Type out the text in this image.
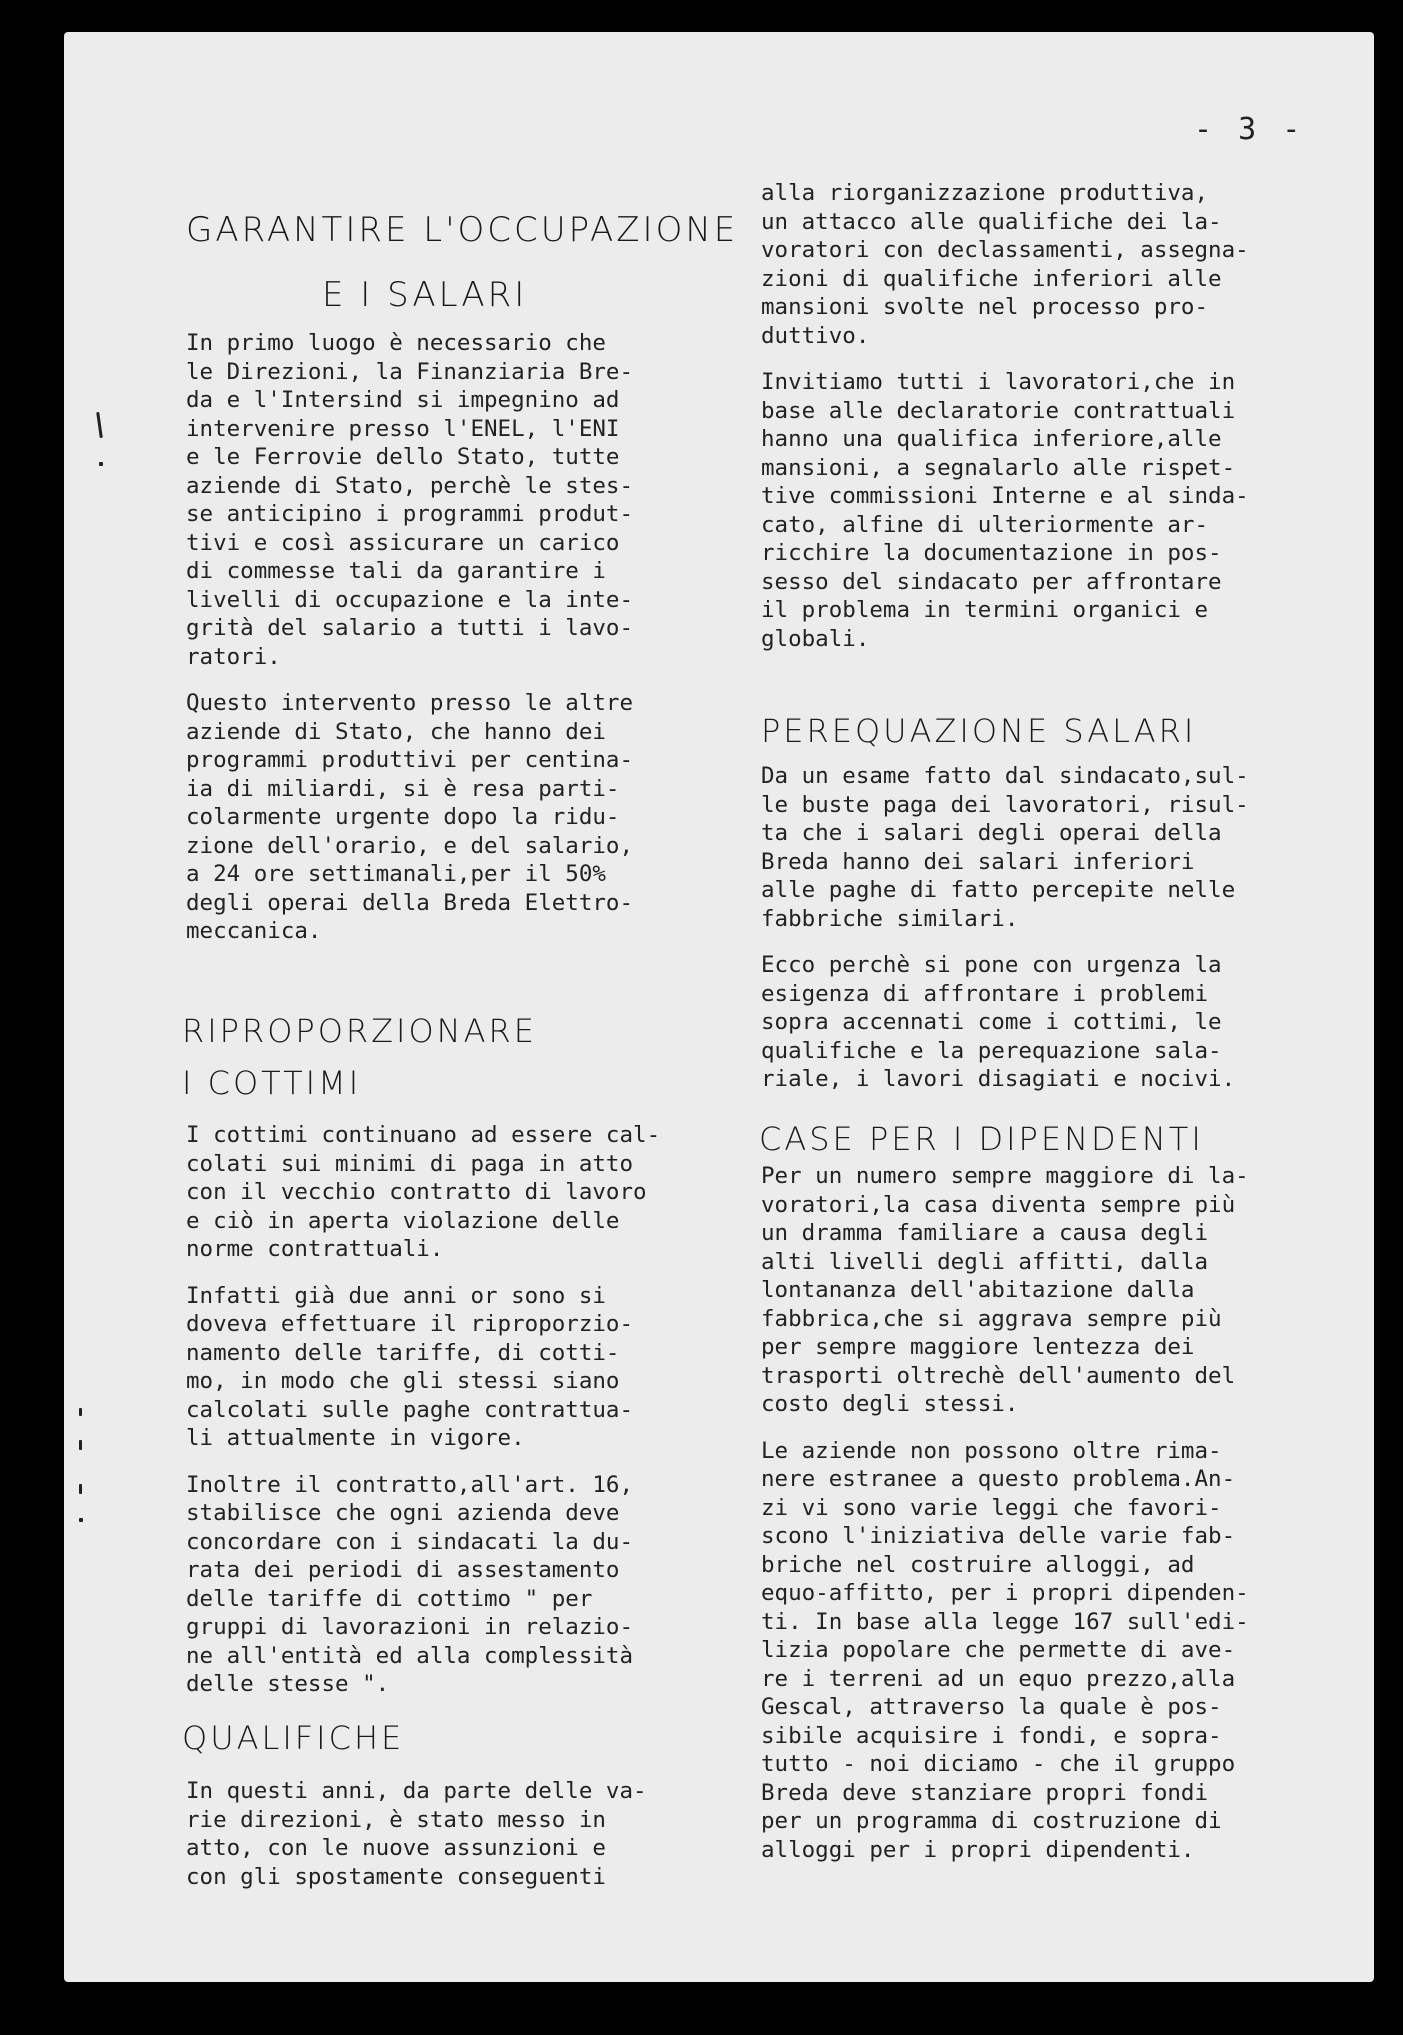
- 3 -
GARANTIRE L'OCCUPAZIONE
E I SALARI

In primo luogo è necessario che
le Direzioni, la Finanziaria Bre-
da e l'Intersind si impegnino ad
intervenire presso l'ENEL, l'ENI
e le Ferrovie dello Stato, tutte
aziende di Stato, perchè le stes-
se anticipino i programmi produt-
tivi e così assicurare un carico
di commesse tali da garantire i
livelli di occupazione e la inte-
grità del salario a tutti i lavo-
ratori.

Questo intervento presso le altre
aziende di Stato, che hanno dei
programmi produttivi per centina-
ia di miliardi, si è resa parti-
colarmente urgente dopo la ridu-
zione dell'orario, e del salario,
a 24 ore settimanali,per il 50%
degli operai della Breda Elettro-
meccanica.

RIPROPORZIONARE
I COTTIMI

I cottimi continuano ad essere cal-
colati sui minimi di paga in atto
con il vecchio contratto di lavoro
e ciò in aperta violazione delle
norme contrattuali.

Infatti già due anni or sono si
doveva effettuare il riproporzio-
namento delle tariffe, di cotti-
mo, in modo che gli stessi siano
calcolati sulle paghe contrattua-
li attualmente in vigore.

Inoltre il contratto,all'art. 16,
stabilisce che ogni azienda deve
concordare con i sindacati la du-
rata dei periodi di assestamento
delle tariffe di cottimo " per
gruppi di lavorazioni in relazio-
ne all'entità ed alla complessità
delle stesse ".

QUALIFICHE

In questi anni, da parte delle va-
rie direzioni, è stato messo in
atto, con le nuove assunzioni e
con gli spostamente conseguenti

alla riorganizzazione produttiva,
un attacco alle qualifiche dei la-
voratori con declassamenti, assegna-
zioni di qualifiche inferiori alle
mansioni svolte nel processo pro-
duttivo.

Invitiamo tutti i lavoratori,che in
base alle declaratorie contrattuali
hanno una qualifica inferiore,alle
mansioni, a segnalarlo alle rispet-
tive commissioni Interne e al sinda-
cato, alfine di ulteriormente ar-
ricchire la documentazione in pos-
sesso del sindacato per affrontare
il problema in termini organici e
globali.

PEREQUAZIONE SALARI

Da un esame fatto dal sindacato,sul-
le buste paga dei lavoratori, risul-
ta che i salari degli operai della
Breda hanno dei salari inferiori
alle paghe di fatto percepite nelle
fabbriche similari.

Ecco perchè si pone con urgenza la
esigenza di affrontare i problemi
sopra accennati come i cottimi, le
qualifiche e la perequazione sala-
riale, i lavori disagiati e nocivi.

CASE PER I DIPENDENTI

Per un numero sempre maggiore di la-
voratori,la casa diventa sempre più
un dramma familiare a causa degli
alti livelli degli affitti, dalla
lontananza dell'abitazione dalla
fabbrica,che si aggrava sempre più
per sempre maggiore lentezza dei
trasporti oltrechè dell'aumento del
costo degli stessi.

Le aziende non possono oltre rima-
nere estranee a questo problema.An-
zi vi sono varie leggi che favori-
scono l'iniziativa delle varie fab-
briche nel costruire alloggi, ad
equo-affitto, per i propri dipenden-
ti. In base alla legge 167 sull'edi-
lizia popolare che permette di ave-
re i terreni ad un equo prezzo,alla
Gescal, attraverso la quale è pos-
sibile acquisire i fondi, e sopra-
tutto - noi diciamo - che il gruppo
Breda deve stanziare propri fondi
per un programma di costruzione di
alloggi per i propri dipendenti.
